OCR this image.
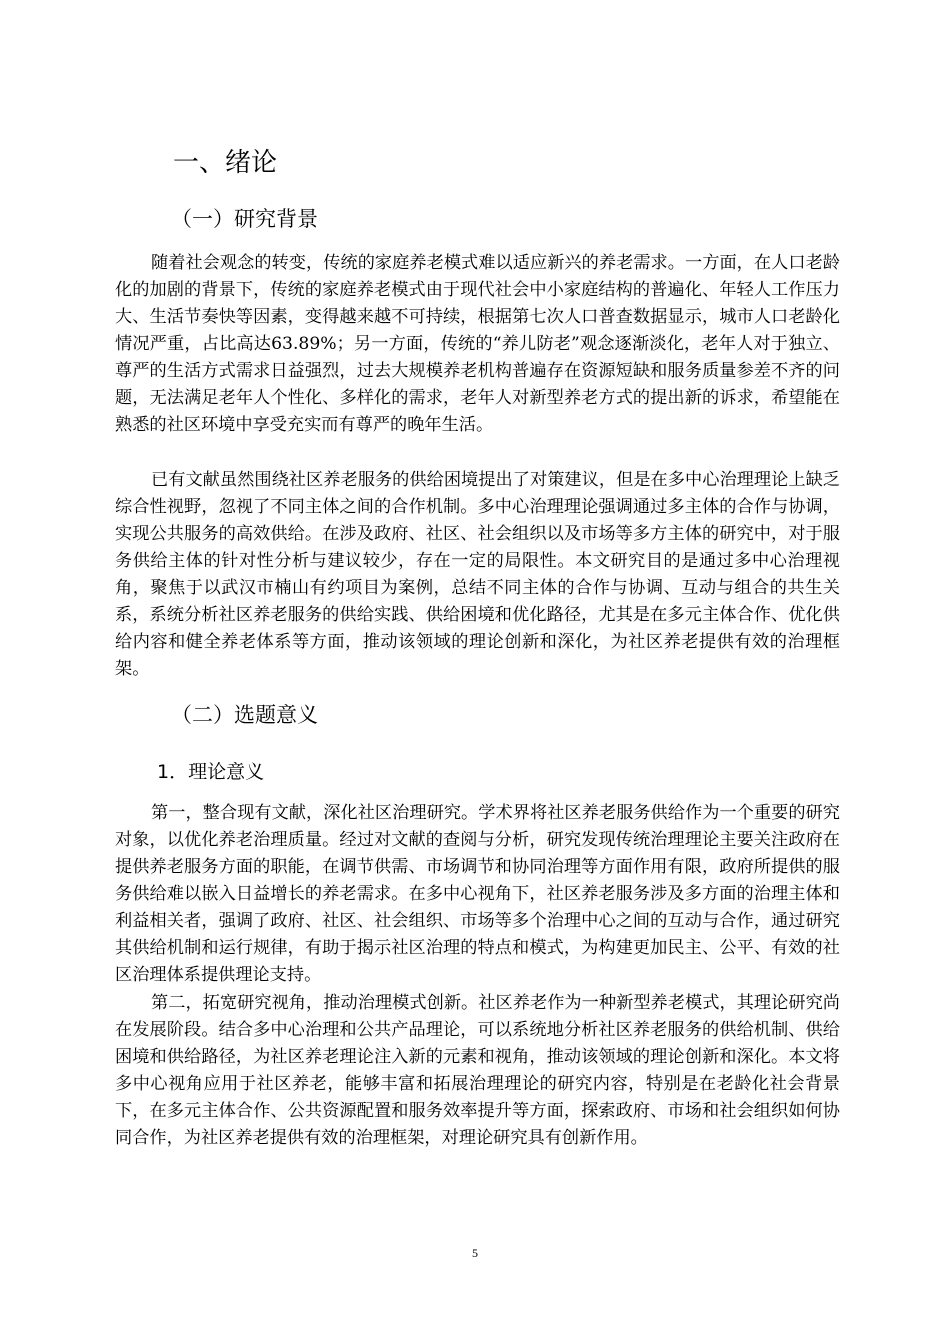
一、绪论
（一）研究背景

随着社会观念的转变，传统的家庭养老模式难以适应新兴的养老需求。一方面，在人口老龄化的加剧的背景下，传统的家庭养老模式由于现代社会中小家庭结构的普遍化、年轻人工作压力大、生活节奏快等因素，变得越来越不可持续，根据第七次人口普查数据显示，城市人口老龄化情况严重，占比高达63.89%；另一方面，传统的“养儿防老”观念逐渐淡化，老年人对于独立、尊严的生活方式需求日益强烈，过去大规模养老机构普遍存在资源短缺和服务质量参差不齐的问题，无法满足老年人个性化、多样化的需求，老年人对新型养老方式的提出新的诉求，希望能在熟悉的社区环境中享受充实而有尊严的晚年生活。

已有文献虽然围绕社区养老服务的供给困境提出了对策建议，但是在多中心治理理论上缺乏综合性视野，忽视了不同主体之间的合作机制。多中心治理理论强调通过多主体的合作与协调，实现公共服务的高效供给。在涉及政府、社区、社会组织以及市场等多方主体的研究中，对于服务供给主体的针对性分析与建议较少，存在一定的局限性。本文研究目的是通过多中心治理视角，聚焦于以武汉市楠山有约项目为案例，总结不同主体的合作与协调、互动与组合的共生关系，系统分析社区养老服务的供给实践、供给困境和优化路径，尤其是在多元主体合作、优化供给内容和健全养老体系等方面，推动该领域的理论创新和深化，为社区养老提供有效的治理框架。

（二）选题意义
1．理论意义

第一，整合现有文献，深化社区治理研究。学术界将社区养老服务供给作为一个重要的研究对象，以优化养老治理质量。经过对文献的查阅与分析，研究发现传统治理理论主要关注政府在提供养老服务方面的职能，在调节供需、市场调节和协同治理等方面作用有限，政府所提供的服务供给难以嵌入日益增长的养老需求。在多中心视角下，社区养老服务涉及多方面的治理主体和利益相关者，强调了政府、社区、社会组织、市场等多个治理中心之间的互动与合作，通过研究其供给机制和运行规律，有助于揭示社区治理的特点和模式，为构建更加民主、公平、有效的社区治理体系提供理论支持。

第二，拓宽研究视角，推动治理模式创新。社区养老作为一种新型养老模式，其理论研究尚在发展阶段。结合多中心治理和公共产品理论，可以系统地分析社区养老服务的供给机制、供给困境和供给路径，为社区养老理论注入新的元素和视角，推动该领域的理论创新和深化。本文将多中心视角应用于社区养老，能够丰富和拓展治理理论的研究内容，特别是在老龄化社会背景下，在多元主体合作、公共资源配置和服务效率提升等方面，探索政府、市场和社会组织如何协同合作，为社区养老提供有效的治理框架，对理论研究具有创新作用。

5
